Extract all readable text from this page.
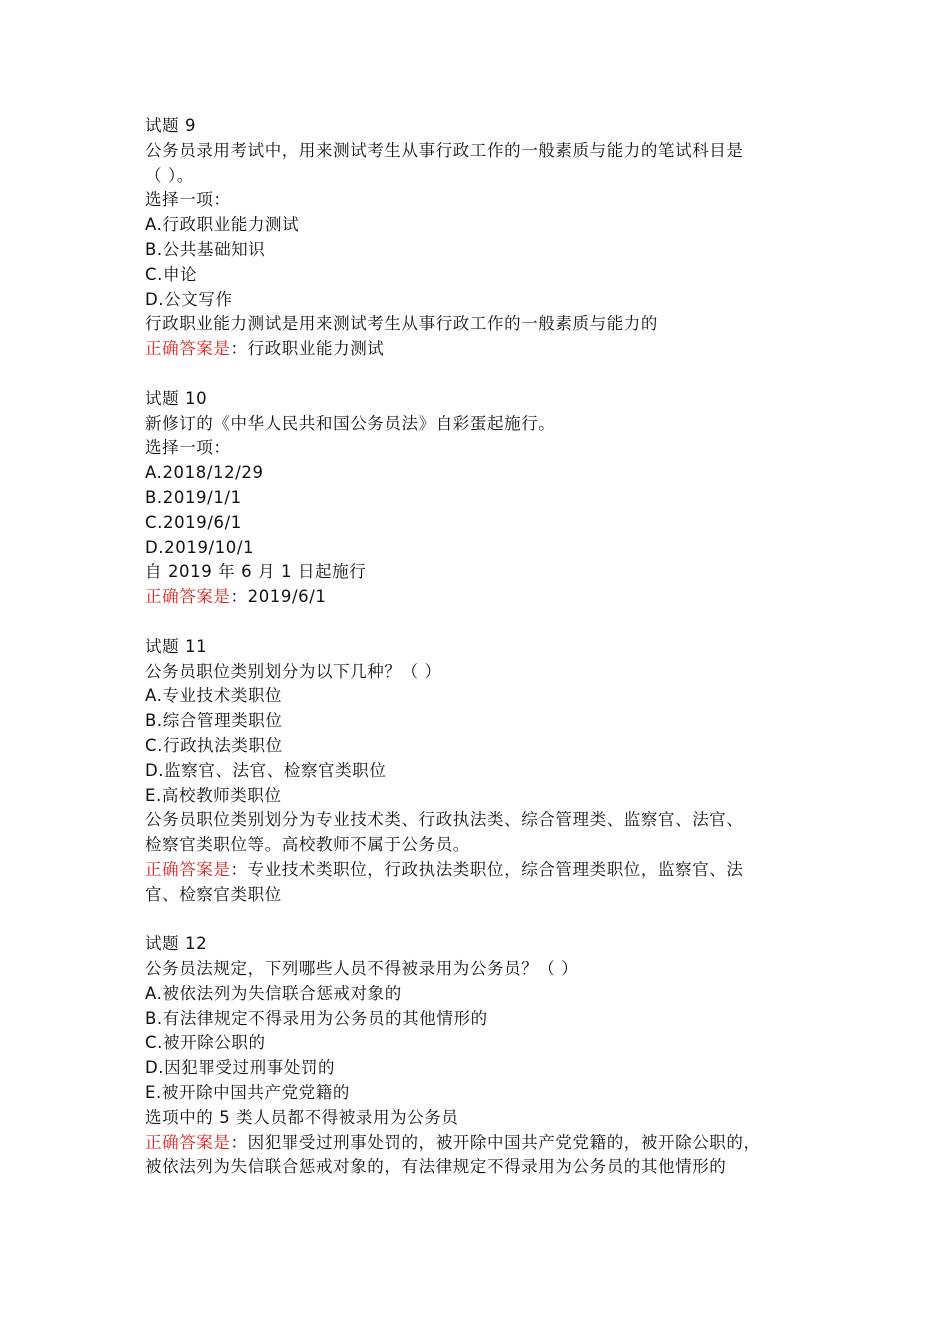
试题 9
公务员录用考试中，用来测试考生从事行政工作的一般素质与能力的笔试科目是
（ ）。
选择一项：
A.行政职业能力测试
B.公共基础知识
C.申论
D.公文写作
行政职业能力测试是用来测试考生从事行政工作的一般素质与能力的
正确答案是：行政职业能力测试
试题 10
新修订的《中华人民共和国公务员法》自彩蛋起施行。
选择一项：
A.2018/12/29
B.2019/1/1
C.2019/6/1
D.2019/10/1
自 2019 年 6 月 1 日起施行
正确答案是：2019/6/1
试题 11
公务员职位类别划分为以下几种？（ ）
A.专业技术类职位
B.综合管理类职位
C.行政执法类职位
D.监察官、法官、检察官类职位
E.高校教师类职位
公务员职位类别划分为专业技术类、行政执法类、综合管理类、监察官、法官、
检察官类职位等。高校教师不属于公务员。
正确答案是：专业技术类职位，行政执法类职位，综合管理类职位，监察官、法
官、检察官类职位
试题 12
公务员法规定，下列哪些人员不得被录用为公务员？（ ）
A.被依法列为失信联合惩戒对象的
B.有法律规定不得录用为公务员的其他情形的
C.被开除公职的
D.因犯罪受过刑事处罚的
E.被开除中国共产党党籍的
选项中的 5 类人员都不得被录用为公务员
正确答案是：因犯罪受过刑事处罚的，被开除中国共产党党籍的，被开除公职的，
被依法列为失信联合惩戒对象的，有法律规定不得录用为公务员的其他情形的
